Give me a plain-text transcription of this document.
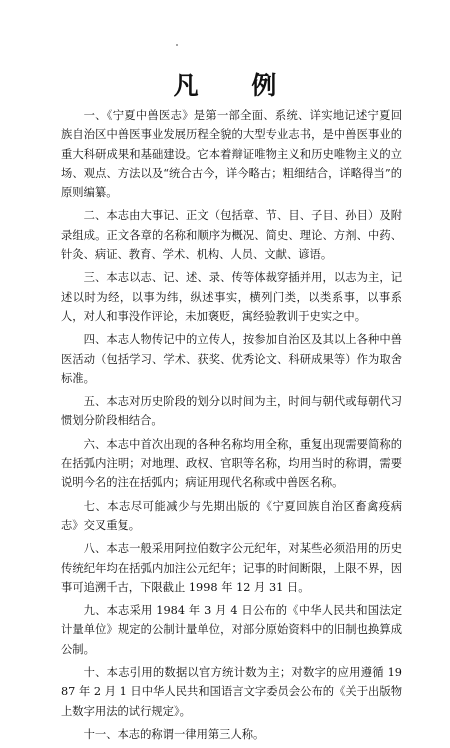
凡 例

一、《宁夏中兽医志》是第一部全面、系统、详实地记述宁夏回族自治区中兽医事业发展历程全貌的大型专业志书，是中兽医事业的重大科研成果和基础建设。它本着辩证唯物主义和历史唯物主义的立场、观点、方法以及“统合古今，详今略古；粗细结合，详略得当”的原则编纂。

二、本志由大事记、正文（包括章、节、目、子目、孙目）及附录组成。正文各章的名称和顺序为概况、简史、理论、方剂、中药、针灸、病证、教育、学术、机构、人员、文献、谚语。

三、本志以志、记、述、录、传等体裁穿插并用，以志为主，记述以时为经，以事为纬，纵述事实，横列门类，以类系事，以事系人，对人和事没作评论，未加褒贬，寓经验教训于史实之中。

四、本志人物传记中的立传人，按参加自治区及其以上各种中兽医活动（包括学习、学术、获奖、优秀论文、科研成果等）作为取舍标准。

五、本志对历史阶段的划分以时间为主，时间与朝代或每朝代习惯划分阶段相结合。

六、本志中首次出现的各种名称均用全称，重复出现需要简称的在括弧内注明；对地理、政权、官职等名称，均用当时的称谓，需要说明今名的注在括弧内；病证用现代名称或中兽医名称。

七、本志尽可能减少与先期出版的《宁夏回族自治区畜禽疫病志》交叉重复。

八、本志一般采用阿拉伯数字公元纪年，对某些必须沿用的历史传统纪年均在括弧内加注公元纪年；记事的时间断限，上限不界，因事可追溯千古，下限截止 1998 年 12 月 31 日。

九、本志采用 1984 年 3 月 4 日公布的《中华人民共和国法定计量单位》规定的公制计量单位，对部分原始资料中的旧制也换算成公制。

十、本志引用的数据以官方统计数为主；对数字的应用遵循 1987 年 2 月 1 日中华人民共和国语言文字委员会公布的《关于出版物上数字用法的试行规定》。

十一、本志的称谓一律用第三人称。
